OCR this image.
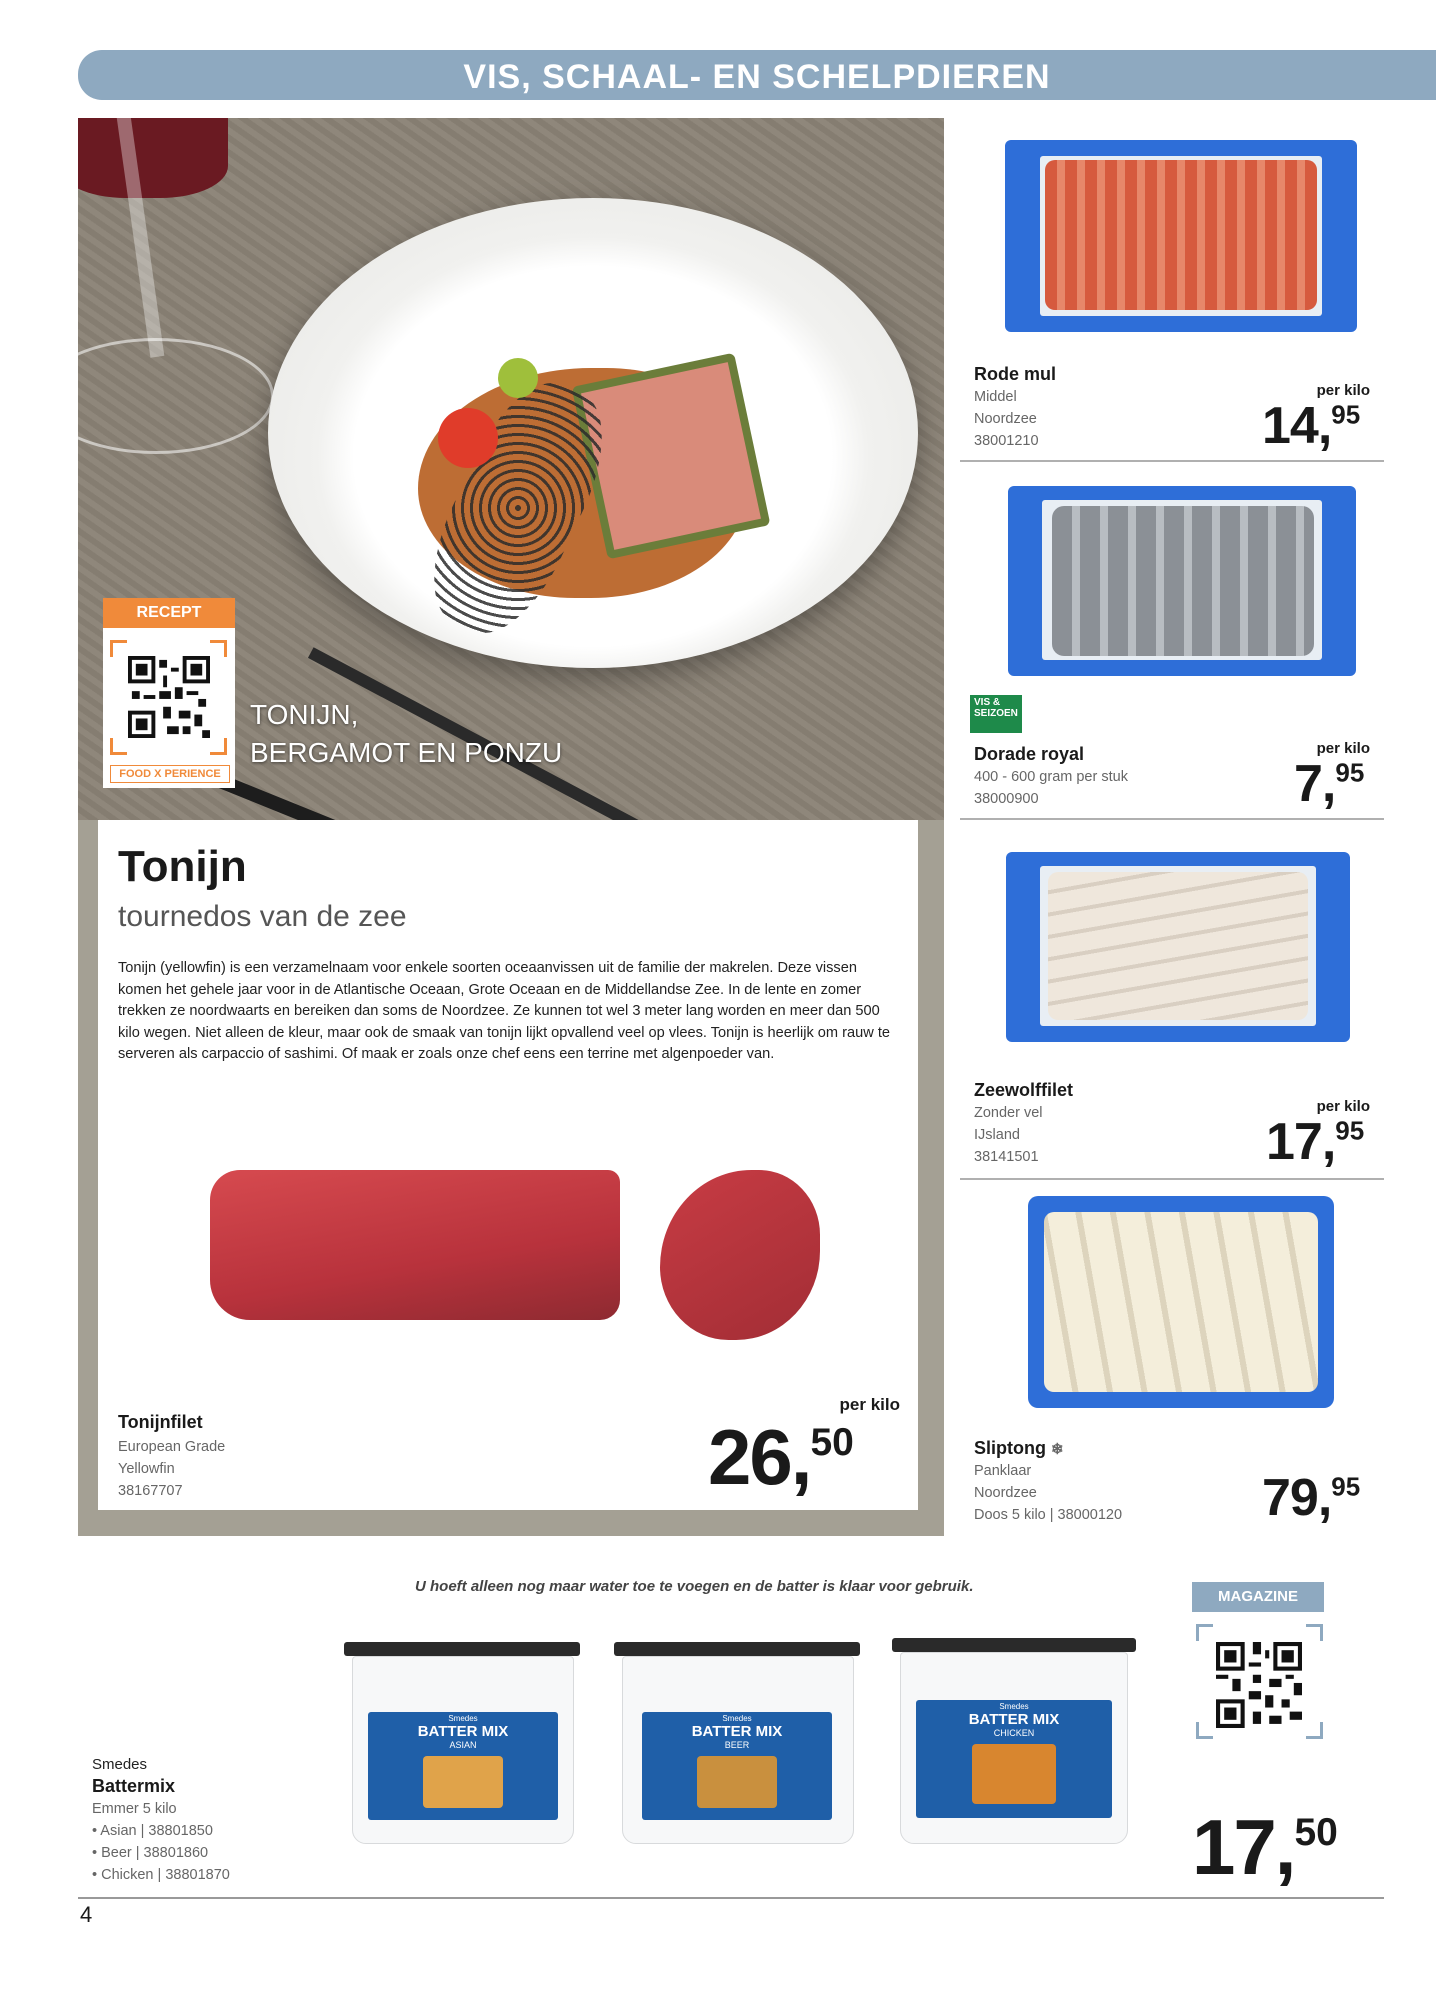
VIS, SCHAAL- EN SCHELPDIEREN
TONIJN,
BERGAMOT EN PONZU
RECEPT
FOOD X PERIENCE
Tonijn
tournedos van de zee
Tonijn (yellowfin) is een verzamelnaam voor enkele soorten oceaanvissen uit de familie der makrelen. Deze vissen komen het gehele jaar voor in de Atlantische Oceaan, Grote Oceaan en de Middellandse Zee. In de lente en zomer trekken ze noordwaarts en bereiken dan soms de Noordzee. Ze kunnen tot wel 3 meter lang worden en meer dan 500 kilo wegen. Niet alleen de kleur, maar ook de smaak van tonijn lijkt opvallend veel op vlees. Tonijn is heerlijk om rauw te serveren als carpaccio of sashimi. Of maak er zoals onze chef eens een terrine met algenpoeder van.
Tonijnfilet
European Grade
Yellowfin
38167707
per kilo
26,50
Rode mul
Middel
Noordzee
38001210
per kilo
14,95
VIS & SEIZOEN
Dorade royal
400 - 600 gram per stuk
38000900
per kilo
7,95
Zeewolffilet
Zonder vel
IJsland
38141501
per kilo
17,95
Sliptong ❄
Panklaar
Noordzee
Doos 5 kilo | 38000120	79,95
U hoeft alleen nog maar water toe te voegen en de batter is klaar voor gebruik.
Smedes
BATTER MIX
ASIAN
Smedes
BATTER MIX
BEER
Smedes
BATTER MIX
CHICKEN
Smedes
Battermix
Emmer 5 kilo
• Asian | 38801850
• Beer | 38801860
• Chicken | 38801870
MAGAZINE
17,50
4
